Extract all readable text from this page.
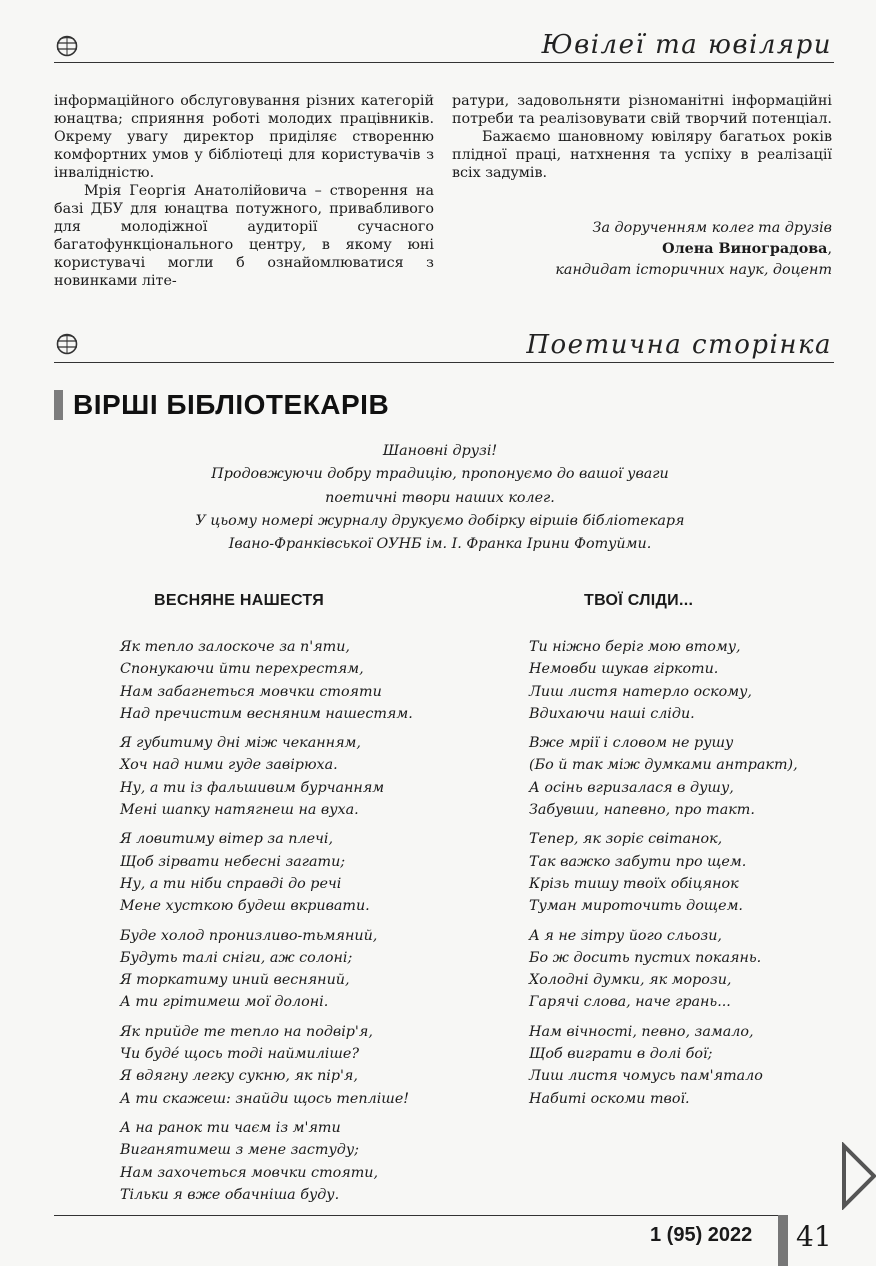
Ювілеї та ювіляри

інформаційного обслуговування різних категорій юнацтва; сприяння роботі молодих працівників. Окрему увагу директор приділяє створенню комфортних умов у бібліотеці для користувачів з інвалідністю.

Мрія Георгія Анатолійовича – створення на базі ДБУ для юнацтва потужного, привабливого для молодіжної аудиторії сучасного багатофункціонального центру, в якому юні користувачі могли б ознайомлюватися з новинками літе-

ратури, задовольняти різноманітні інформаційні потреби та реалізовувати свій творчий потенціал.

Бажаємо шановному ювіляру багатьох років плідної праці, натхнення та успіху в реалізації всіх задумів.

За дорученням колег та друзів
Олена Виноградова,
кандидат історичних наук, доцент
Поетична сторінка
ВІРШІ БІБЛІОТЕКАРІВ
Шановні друзі!
Продовжуючи добру традицію, пропонуємо до вашої уваги
поетичні твори наших колег.
У цьому номері журналу друкуємо добірку віршів бібліотекаря
Івано-Франківської ОУНБ ім. І. Франка Ірини Фотуйми.
ВЕСНЯНЕ НАШЕСТЯ
Як тепло залоскоче за п'яти,
Спонукаючи йти перехрестям,
Нам забагнеться мовчки стояти
Над пречистим весняним нашестям.
Я губитиму дні між чеканням,
Хоч над ними гуде завірюха.
Ну, а ти із фальшивим бурчанням
Мені шапку натягнеш на вуха.
Я ловитиму вітер за плечі,
Щоб зірвати небесні загати;
Ну, а ти ніби справді до речі
Мене хусткою будеш вкривати.
Буде холод пронизливо-тьмяний,
Будуть талі сніги, аж солоні;
Я торкатиму иний весняний,
А ти грітимеш мої долоні.
Як прийде те тепло на подвір'я,
Чи будé щось тоді наймиліше?
Я вдягну легку сукню, як пір'я,
А ти скажеш: знайди щось тепліше!
А на ранок ти чаєм із м'яти
Виганятимеш з мене застуду;
Нам захочеться мовчки стояти,
Тільки я вже обачніша буду.
ТВОЇ СЛІДИ...
Ти ніжно беріг мою втому,
Немовби шукав гіркоти.
Лиш листя натерло оскому,
Вдихаючи наші сліди.
Вже мрії і словом не рушу
(Бо й так між думками антракт),
А осінь вгризалася в душу,
Забувши, напевно, про такт.
Тепер, як зорiє світанок,
Так важко забути про щем.
Крізь тишу твоїх обіцянок
Туман мироточить дощем.
А я не зітру його сльози,
Бо ж досить пустих покаянь.
Холодні думки, як морози,
Гарячі слова, наче грань...
Нам вічності, певно, замало,
Щоб виграти в долі бої;
Лиш листя чомусь пам'ятало
Набиті оскоми твої.
1 (95) 2022 41
